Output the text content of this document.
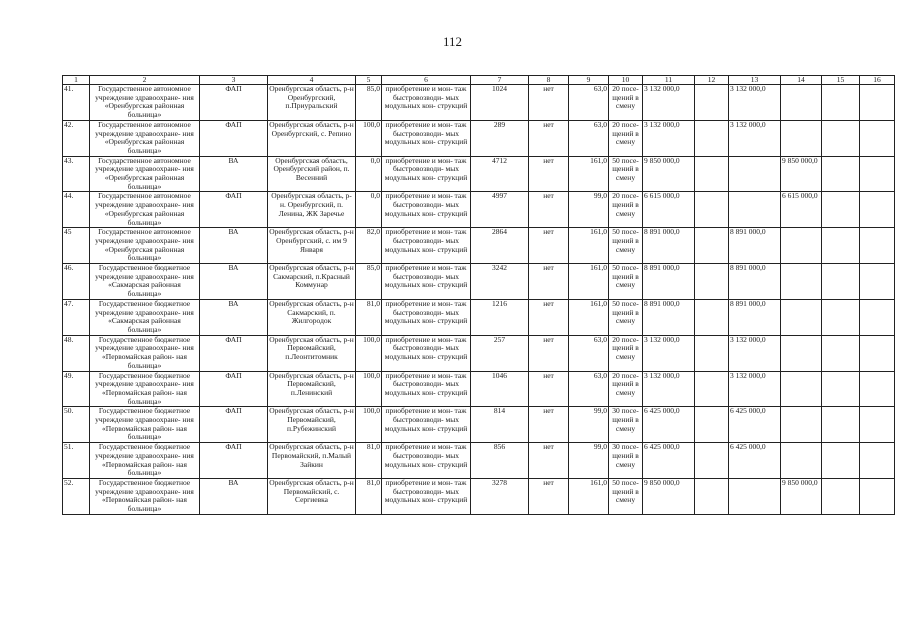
112
1	2	3	4	5	6	7	8	9	10	11	12	13	14	15	16
41.	Государственное автономное учреждение здравоохране- ния «Оренбургская районная больница»	ФАП	Оренбургская область, р-н Оренбургский, п.Приуральский	85,0	приобретение и мон- таж быстровозводи- мых модульных кон- струкций	1024	нет	63,0	20 посе- щений в смену	3 132 000,0		3 132 000,0			
42.	Государственное автономное учреждение здравоохране- ния «Оренбургская районная больница»	ФАП	Оренбургская область, р-н Оренбургский, с. Репино	100,0	приобретение и мон- таж быстровозводи- мых модульных кон- струкций	289	нет	63,0	20 посе- щений в смену	3 132 000,0		3 132 000,0			
43.	Государственное автономное учреждение здравоохране- ния «Оренбургская районная больница»	ВА	Оренбургская область, Оренбургский район, п. Весенний	0,0	приобретение и мон- таж быстровозводи- мых модульных кон- струкций	4712	нет	161,0	50 посе- щений в смену	9 850 000,0			9 850 000,0		
44.	Государственное автономное учреждение здравоохране- ния «Оренбургская районная больница»	ФАП	Оренбургская область, р-н. Оренбургский, п. Ленина, ЖК Заречье	0,0	приобретение и мон- таж быстровозводи- мых модульных кон- струкций	4997	нет	99,0	20 посе- щений в смену	6 615 000,0			6 615 000,0		
45	Государственное автономное учреждение здравоохране- ния «Оренбургская районная больница»	ВА	Оренбургская область, р-н Оренбургский, с. им 9 Января	82,0	приобретение и мон- таж быстровозводи- мых модульных кон- струкций	2864	нет	161,0	50 посе- щений в смену	8 891 000,0		8 891 000,0			
46.	Государственное бюджетное учреждение здравоохране- ния «Сакмарская районная больница»	ВА	Оренбургская область, р-н Сакмарский, п.Красный Коммунар	85,0	приобретение и мон- таж быстровозводи- мых модульных кон- струкций	3242	нет	161,0	50 посе- щений в смену	8 891 000,0		8 891 000,0			
47.	Государственное бюджетное учреждение здравоохране- ния «Сакмарская районная больница»	ВА	Оренбургская область, р-н Сакмарский, п. Жилгородок	81,0	приобретение и мон- таж быстровозводи- мых модульных кон- струкций	1216	нет	161,0	50 посе- щений в смену	8 891 000,0		8 891 000,0			
48.	Государственное бюджетное учреждение здравоохране- ния «Первомайская район- ная больница»	ФАП	Оренбургская область, р-н Первомайский, п.Леонтитомник	100,0	приобретение и мон- таж быстровозводи- мых модульных кон- струкций	257	нет	63,0	20 посе- щений в смену	3 132 000,0		3 132 000,0			
49.	Государственное бюджетное учреждение здравоохране- ния «Первомайская район- ная больница»	ФАП	Оренбургская область, р-н Первомайский, п.Ленинский	100,0	приобретение и мон- таж быстровозводи- мых модульных кон- струкций	1046	нет	63,0	20 посе- щений в смену	3 132 000,0		3 132 000,0			
50.	Государственное бюджетное учреждение здравоохране- ния «Первомайская район- ная больница»	ФАП	Оренбургская область, р-н Первомайский, п.Рубежинский	100,0	приобретение и мон- таж быстровозводи- мых модульных кон- струкций	814	нет	99,0	30 посе- щений в смену	6 425 000,0		6 425 000,0			
51.	Государственное бюджетное учреждение здравоохране- ния «Первомайская район- ная больница»	ФАП	Оренбургская область, р-н Первомайский, п.Малый Зайкин	81,0	приобретение и мон- таж быстровозводи- мых модульных кон- струкций	856	нет	99,0	30 посе- щений в смену	6 425 000,0		6 425 000,0			
52.	Государственное бюджетное учреждение здравоохране- ния «Первомайская район- ная больница»	ВА	Оренбургская область, р-н Первомайский, с. Сергиевка	81,0	приобретение и мон- таж быстровозводи- мых модульных кон- струкций	3278	нет	161,0	50 посе- щений в смену	9 850 000,0			9 850 000,0		
